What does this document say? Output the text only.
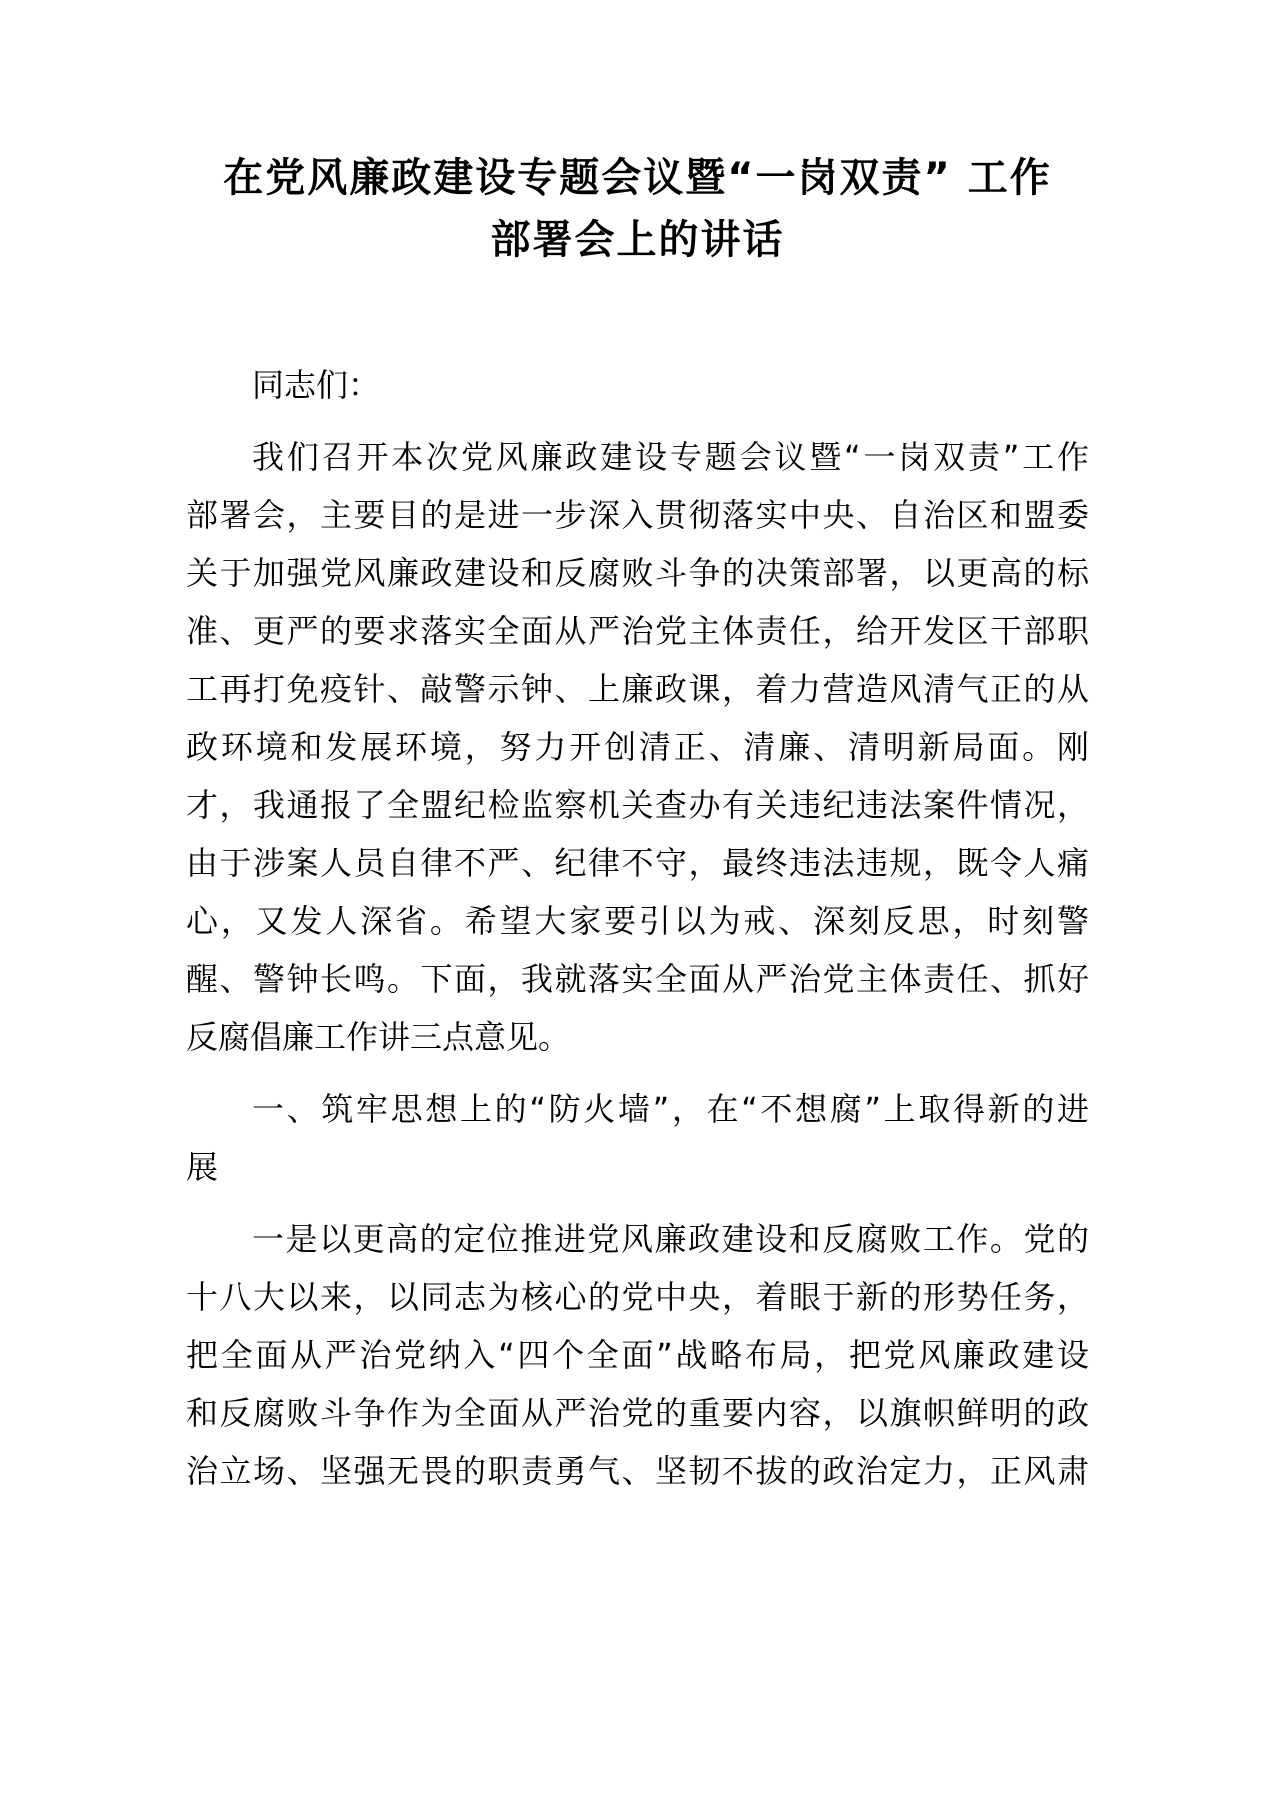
在党风廉政建设专题会议暨“一岗双责” 工作
部署会上的讲话
同志们：
我们召开本次党风廉政建设专题会议暨“一岗双责”工作
部署会，主要目的是进一步深入贯彻落实中央、自治区和盟委
关于加强党风廉政建设和反腐败斗争的决策部署，以更高的标
准、更严的要求落实全面从严治党主体责任，给开发区干部职
工再打免疫针、敲警示钟、上廉政课，着力营造风清气正的从
政环境和发展环境，努力开创清正、清廉、清明新局面。刚
才，我通报了全盟纪检监察机关查办有关违纪违法案件情况，
由于涉案人员自律不严、纪律不守，最终违法违规，既令人痛
心，又发人深省。希望大家要引以为戒、深刻反思，时刻警
醒、警钟长鸣。下面，我就落实全面从严治党主体责任、抓好
反腐倡廉工作讲三点意见。
一、筑牢思想上的“防火墙”，在“不想腐”上取得新的进
展
一是以更高的定位推进党风廉政建设和反腐败工作。党的
十八大以来，以同志为核心的党中央，着眼于新的形势任务，
把全面从严治党纳入“四个全面”战略布局，把党风廉政建设
和反腐败斗争作为全面从严治党的重要内容，以旗帜鲜明的政
治立场、坚强无畏的职责勇气、坚韧不拔的政治定力，正风肃
